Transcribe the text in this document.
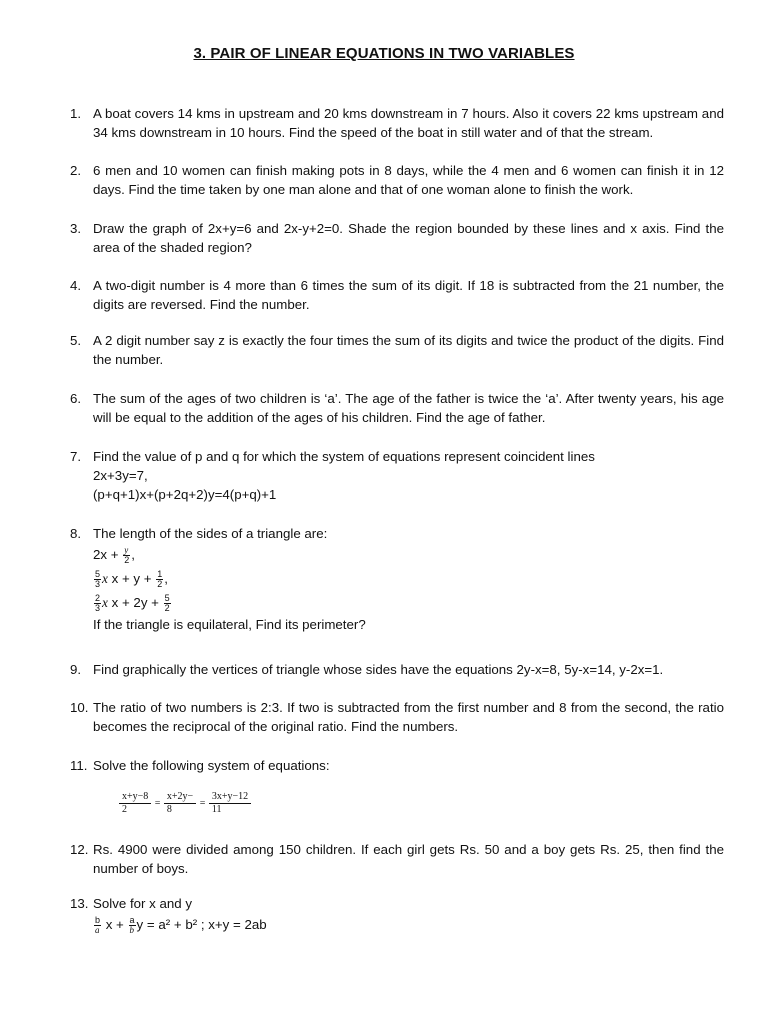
3. PAIR OF LINEAR EQUATIONS IN TWO VARIABLES
1. A boat covers 14 kms in upstream and 20 kms downstream in 7 hours. Also it covers 22 kms upstream and 34 kms downstream in 10 hours. Find the speed of the boat in still water and of that the stream.
2. 6 men and 10 women can finish making pots in 8 days, while the 4 men and 6 women can finish it in 12 days. Find the time taken by one man alone and that of one woman alone to finish the work.
3. Draw the graph of 2x+y=6 and 2x-y+2=0. Shade the region bounded by these lines and x axis. Find the area of the shaded region?
4. A two-digit number is 4 more than 6 times the sum of its digit. If 18 is subtracted from the 21 number, the digits are reversed. Find the number.
5. A 2 digit number say z is exactly the four times the sum of its digits and twice the product of the digits. Find the number.
6. The sum of the ages of two children is ‘a’. The age of the father is twice the ‘a’. After twenty years, his age will be equal to the addition of the ages of his children. Find the age of father.
7. Find the value of p and q for which the system of equations represent coincident lines
2x+3y=7,
(p+q+1)x+(p+2q+2)y=4(p+q)+1
8. The length of the sides of a triangle are:
$2x + \frac{y}{2}$ ,
$\frac{5}{3}$ x $x + y + \frac{1}{2}$ ,
$\frac{2}{3}$ x $x + 2y + \frac{5}{2}$
If the triangle is equilateral, Find its perimeter?
9. Find graphically the vertices of triangle whose sides have the equations 2y-x=8, 5y-x=14, y-2x=1.
10. The ratio of two numbers is 2:3. If two is subtracted from the first number and 8 from the second, the ratio becomes the reciprocal of the original ratio. Find the numbers.
11. Solve the following system of equations:
$\frac{x+y-8}{2} = \frac{x+2y-}{8} = \frac{3x+y-12}{11}$
12. Rs. 4900 were divided among 150 children. If each girl gets Rs. 50 and a boy gets Rs. 25, then find the number of boys.
13. Solve for x and y
$\frac{b}{a}$ $x + \frac{a}{b}$ y = a² + b² ; x+y = 2ab
